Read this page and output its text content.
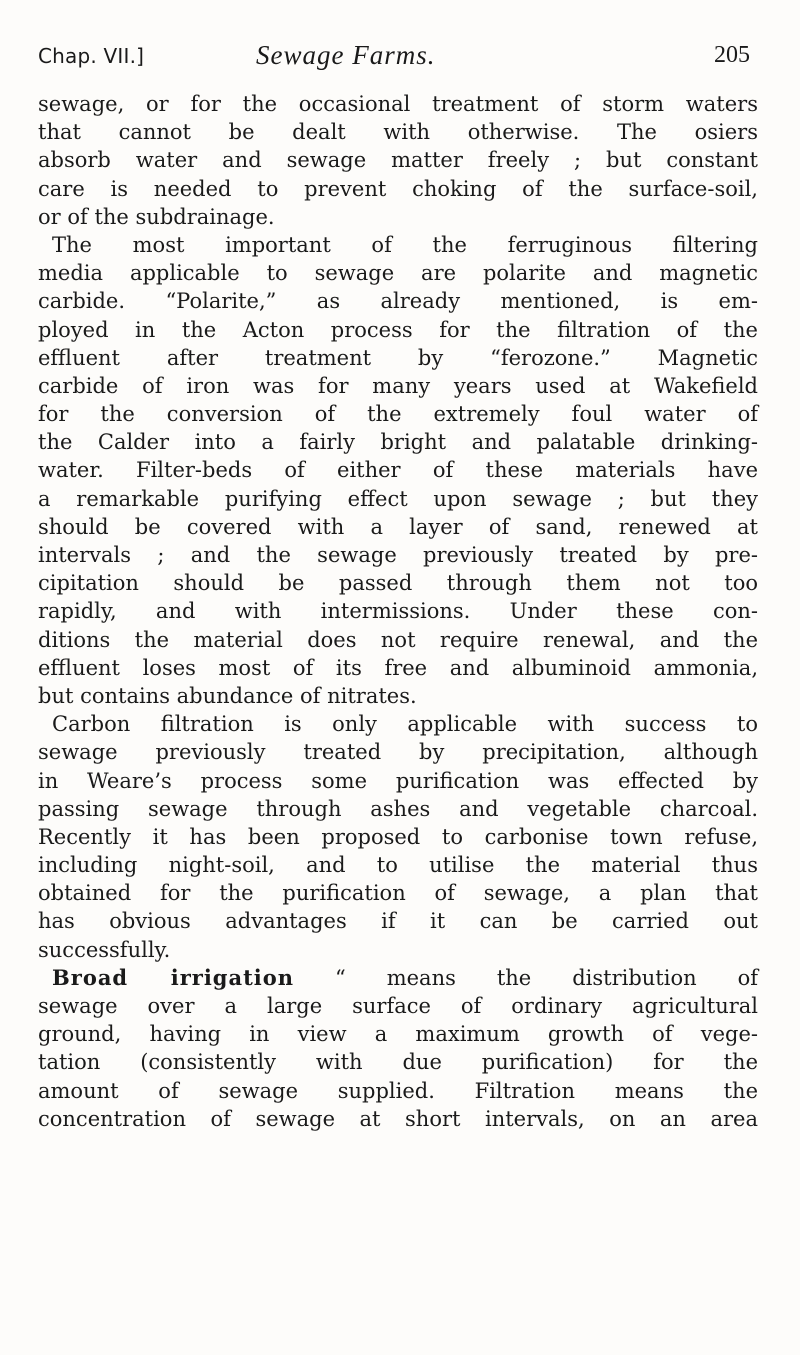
Chap. VII.]	Sewage Farms.	205
sewage, or for the occasional treatment of storm waters
that cannot be dealt with otherwise. The osiers
absorb water and sewage matter freely ; but constant
care is needed to prevent choking of the surface-soil,
or of the subdrainage.
The most important of the ferruginous filtering
media applicable to sewage are polarite and magnetic
carbide. “Polarite,” as already mentioned, is em-
ployed in the Acton process for the filtration of the
effluent after treatment by “ferozone.” Magnetic
carbide of iron was for many years used at Wakefield
for the conversion of the extremely foul water of
the Calder into a fairly bright and palatable drinking-
water. Filter-beds of either of these materials have
a remarkable purifying effect upon sewage ; but they
should be covered with a layer of sand, renewed at
intervals ; and the sewage previously treated by pre-
cipitation should be passed through them not too
rapidly, and with intermissions. Under these con-
ditions the material does not require renewal, and the
effluent loses most of its free and albuminoid ammonia,
but contains abundance of nitrates.
Carbon filtration is only applicable with success to
sewage previously treated by precipitation, although
in Weare’s process some purification was effected by
passing sewage through ashes and vegetable charcoal.
Recently it has been proposed to carbonise town refuse,
including night-soil, and to utilise the material thus
obtained for the purification of sewage, a plan that
has obvious advantages if it can be carried out
successfully.
Broad irrigation “ means the distribution of
sewage over a large surface of ordinary agricultural
ground, having in view a maximum growth of vege-
tation (consistently with due purification) for the
amount of sewage supplied. Filtration means the
concentration of sewage at short intervals, on an area
